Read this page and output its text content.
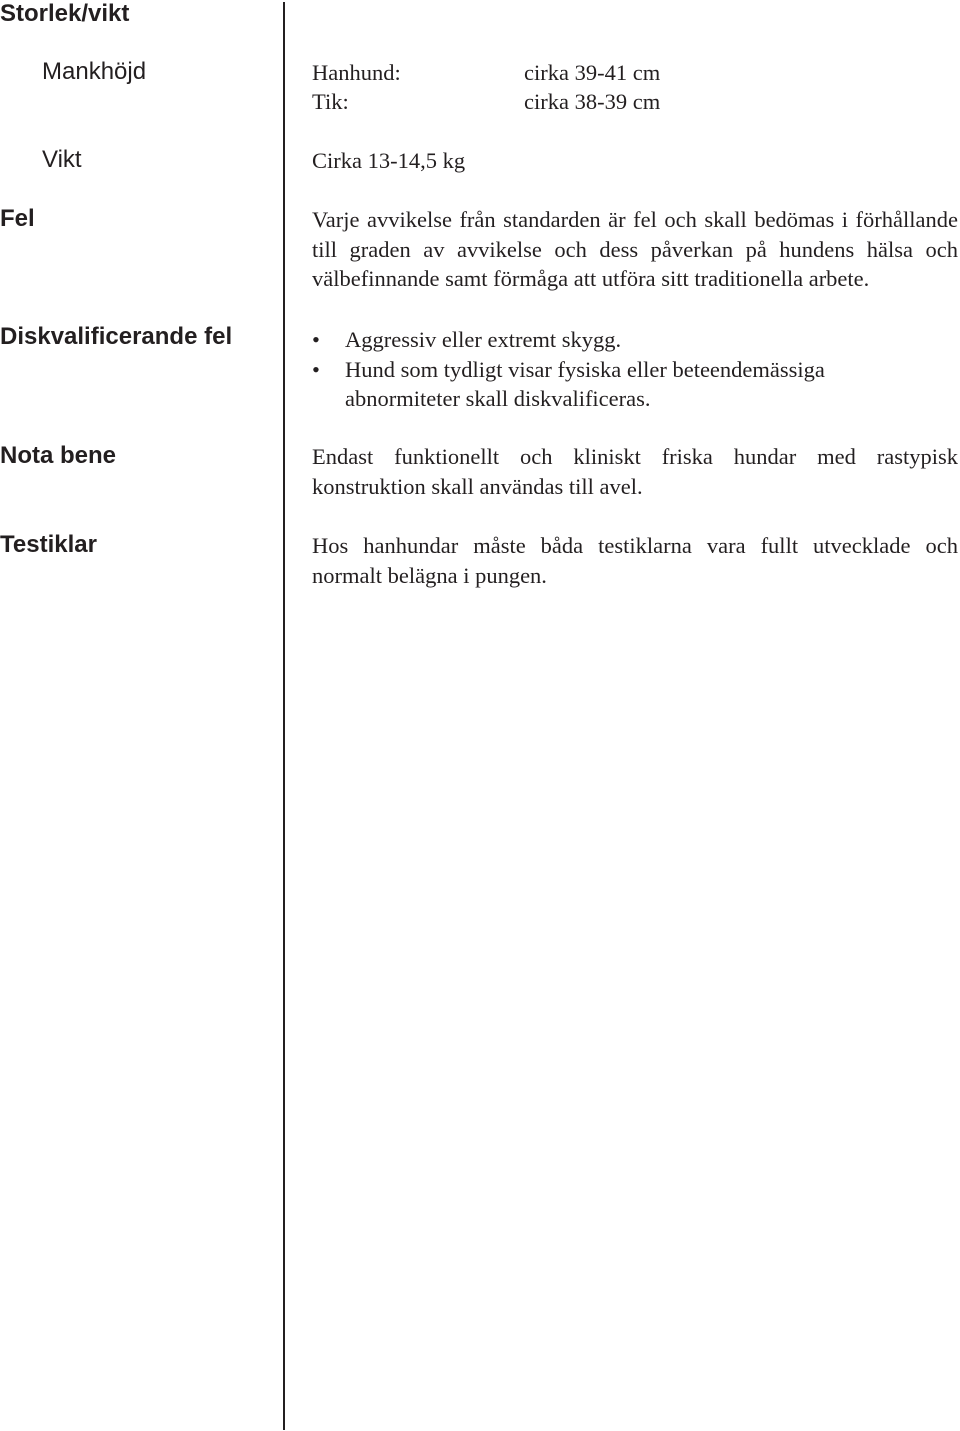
Storlek/vikt
Mankhöjd
Vikt
Fel
Diskvalificerande fel
Nota bene
Testiklar
Hanhund:	cirka 39-41 cm
Tik:	cirka 38-39 cm
Cirka 13-14,5 kg
Varje avvikelse från standarden är fel och skall bedömas i förhållande till graden av avvikelse och dess påverkan på hundens hälsa och välbefinnande samt förmåga att utföra sitt traditionella arbete.
• Aggressiv eller extremt skygg.
• Hund som tydligt visar fysiska eller beteendemässiga abnormiteter skall diskvalificeras.
Endast funktionellt och kliniskt friska hundar med rastypisk konstruktion skall användas till avel.
Hos hanhundar måste båda testiklarna vara fullt utvecklade och normalt belägna i pungen.
